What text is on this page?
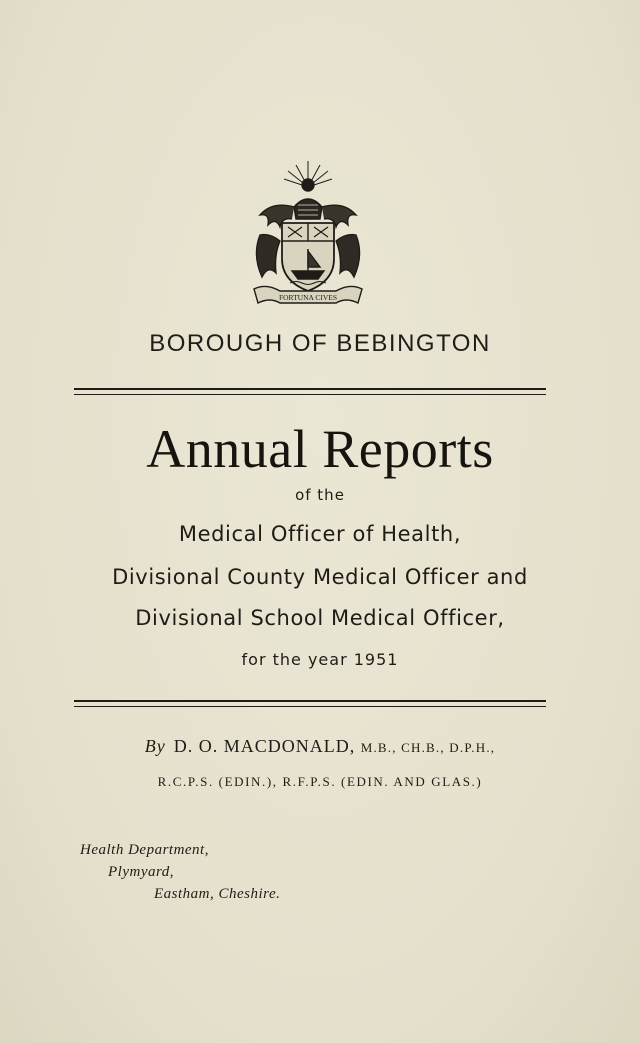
FORTUNA CIVES
BOROUGH OF BEBINGTON
Annual Reports
of the
Medical Officer of Health,
Divisional County Medical Officer and
Divisional School Medical Officer,
for the year 1951
By D. O. MACDONALD, M.B., CH.B., D.P.H.,
R.C.P.S. (EDIN.), R.F.P.S. (EDIN. AND GLAS.)
Health Department,
Plymyard,
Eastham, Cheshire.
